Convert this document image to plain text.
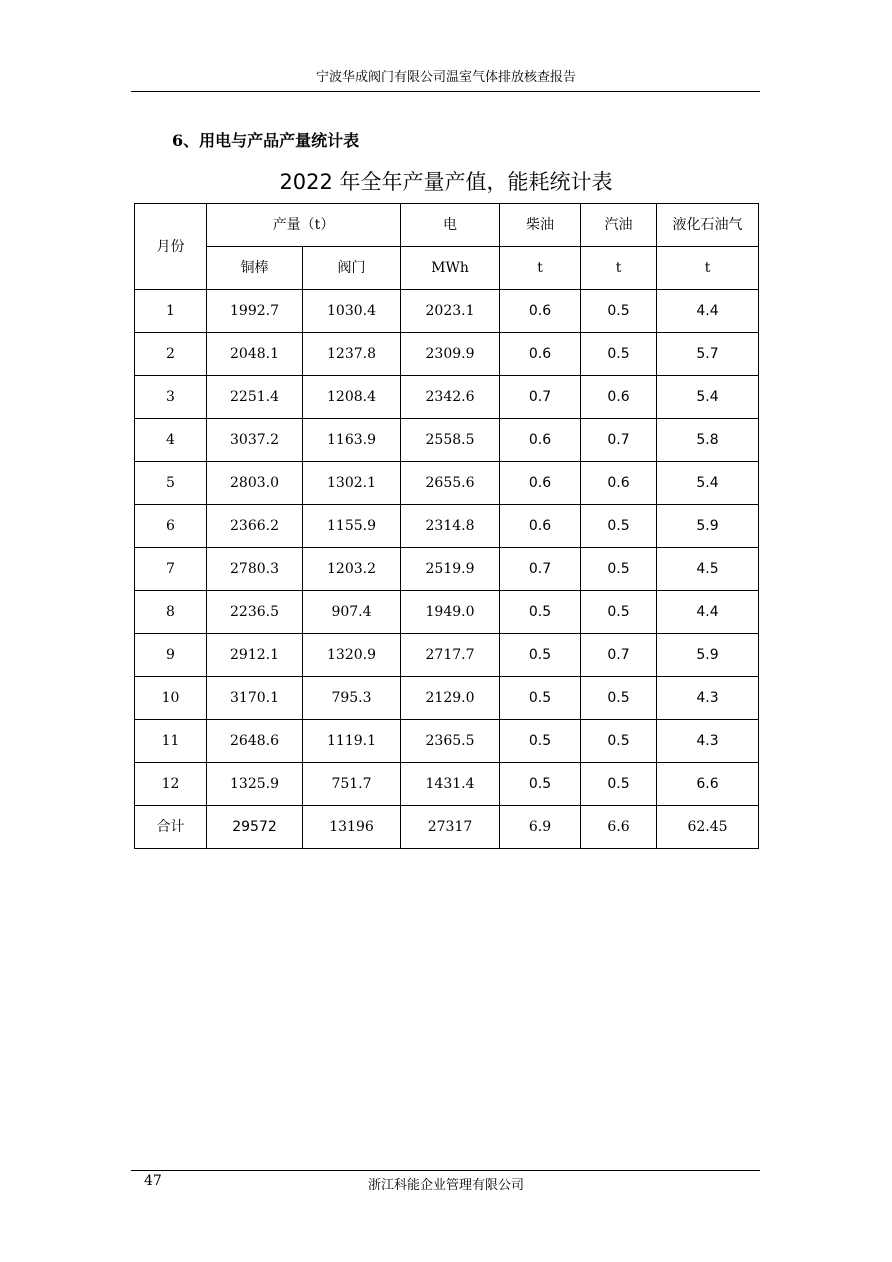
宁波华成阀门有限公司温室气体排放核查报告
6、用电与产品产量统计表
2022 年全年产量产值，能耗统计表
月份	产量（t）		电	柴油	汽油	液化石油气
	铜棒	阀门	MWh	t	t	t
1	1992.7	1030.4	2023.1	0.6	0.5	4.4
2	2048.1	1237.8	2309.9	0.6	0.5	5.7
3	2251.4	1208.4	2342.6	0.7	0.6	5.4
4	3037.2	1163.9	2558.5	0.6	0.7	5.8
5	2803.0	1302.1	2655.6	0.6	0.6	5.4
6	2366.2	1155.9	2314.8	0.6	0.5	5.9
7	2780.3	1203.2	2519.9	0.7	0.5	4.5
8	2236.5	907.4	1949.0	0.5	0.5	4.4
9	2912.1	1320.9	2717.7	0.5	0.7	5.9
10	3170.1	795.3	2129.0	0.5	0.5	4.3
11	2648.6	1119.1	2365.5	0.5	0.5	4.3
12	1325.9	751.7	1431.4	0.5	0.5	6.6
合计	29572	13196	27317	6.9	6.6	62.45
47	浙江科能企业管理有限公司
